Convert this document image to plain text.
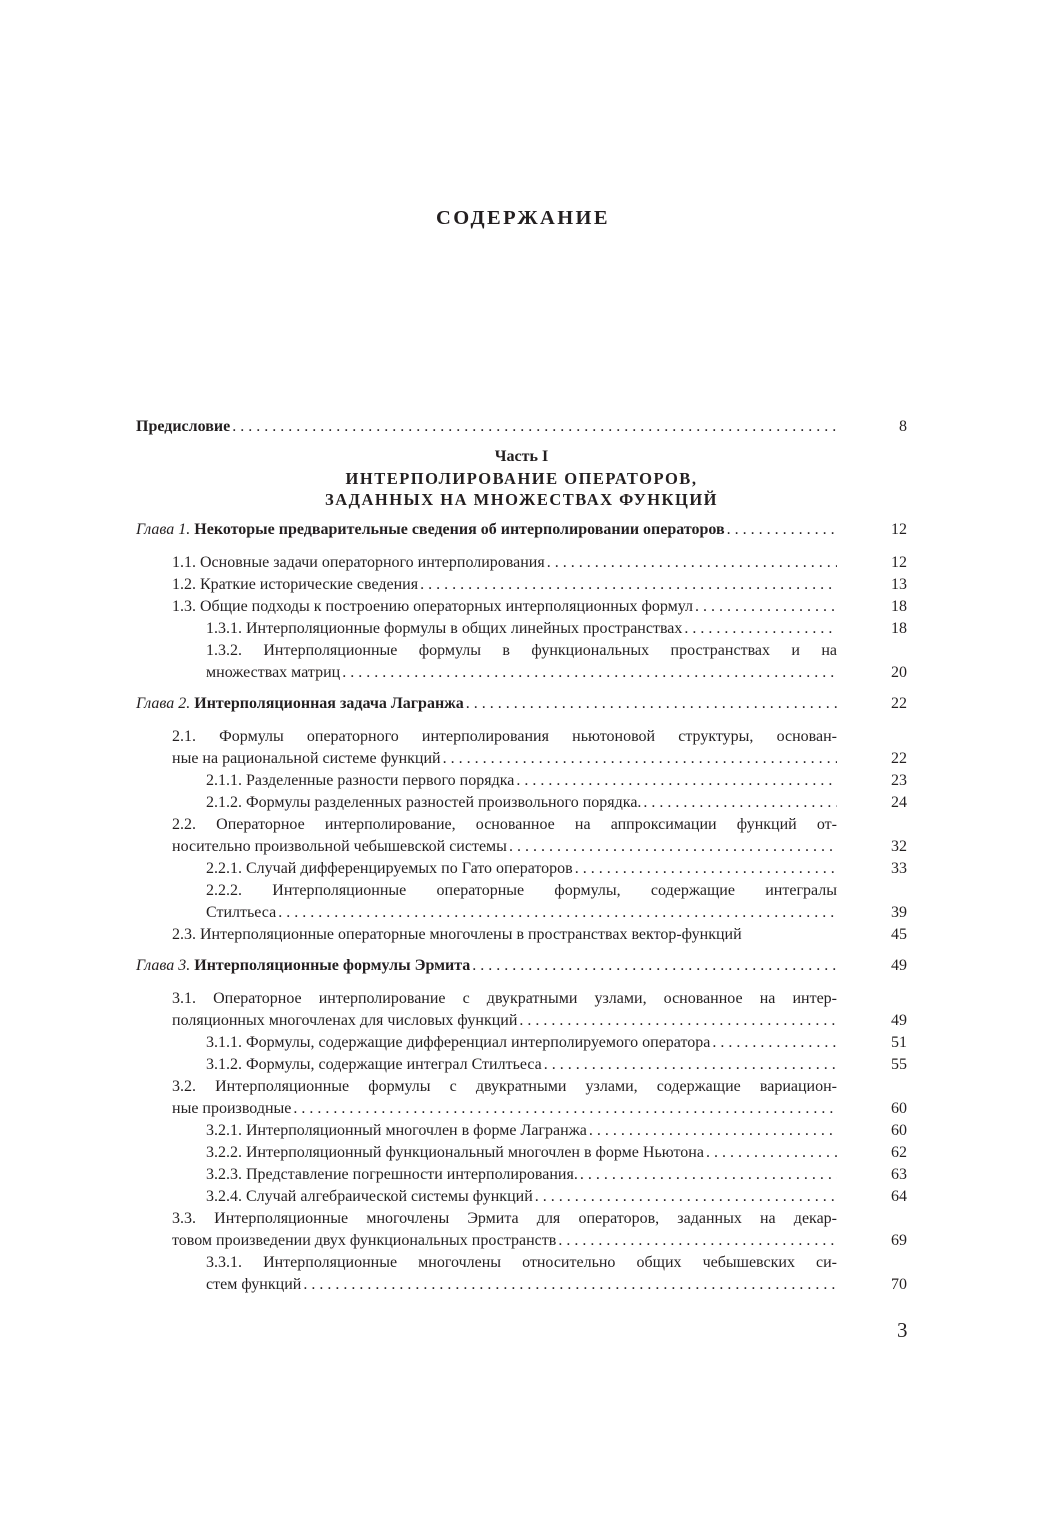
СОДЕРЖАНИЕ
Предисловие . . .	8
Часть I
ИНТЕРПОЛИРОВАНИЕ ОПЕРАТОРОВ,
ЗАДАННЫХ НА МНОЖЕСТВАХ ФУНКЦИЙ
Глава 1. Некоторые предварительные сведения об интерполировании операторов . . .	12
1.1. Основные задачи операторного интерполирования . . .	12
1.2. Краткие исторические сведения . . .	13
1.3. Общие подходы к построению операторных интерполяционных формул . . .	18
1.3.1. Интерполяционные формулы в общих линейных пространствах . . .	18
1.3.2. Интерполяционные формулы в функциональных пространствах и на
множествах матриц . . .	20
Глава 2. Интерполяционная задача Лагранжа . . .	22
2.1. Формулы операторного интерполирования ньютоновой структуры, основан-
ные на рациональной системе функций . . .	22
2.1.1. Разделенные разности первого порядка . . .	23
2.1.2. Формулы разделенных разностей произвольного порядка. . . .	24
2.2. Операторное интерполирование, основанное на аппроксимации функций от-
носительно произвольной чебышевской системы . . .	32
2.2.1. Случай дифференцируемых по Гато операторов . . .	33
2.2.2. Интерполяционные операторные формулы, содержащие интегралы
Стилтьеса . . .	39
2.3. Интерполяционные операторные многочлены в пространствах вектор-функций	45
Глава 3. Интерполяционные формулы Эрмита . . .	49
3.1. Операторное интерполирование с двукратными узлами, основанное на интер-
поляционных многочленах для числовых функций . . .	49
3.1.1. Формулы, содержащие дифференциал интерполируемого оператора . . .	51
3.1.2. Формулы, содержащие интеграл Стилтьеса . . .	55
3.2. Интерполяционные формулы с двукратными узлами, содержащие вариацион-
ные производные . . .	60
3.2.1. Интерполяционный многочлен в форме Лагранжа . . .	60
3.2.2. Интерполяционный функциональный многочлен в форме Ньютона . . .	62
3.2.3. Представление погрешности интерполирования. . . .	63
3.2.4. Случай алгебраической системы функций . . .	64
3.3. Интерполяционные многочлены Эрмита для операторов, заданных на декар-
товом произведении двух функциональных пространств . . .	69
3.3.1. Интерполяционные многочлены относительно общих чебышевских си-
стем функций . . .	70
3
